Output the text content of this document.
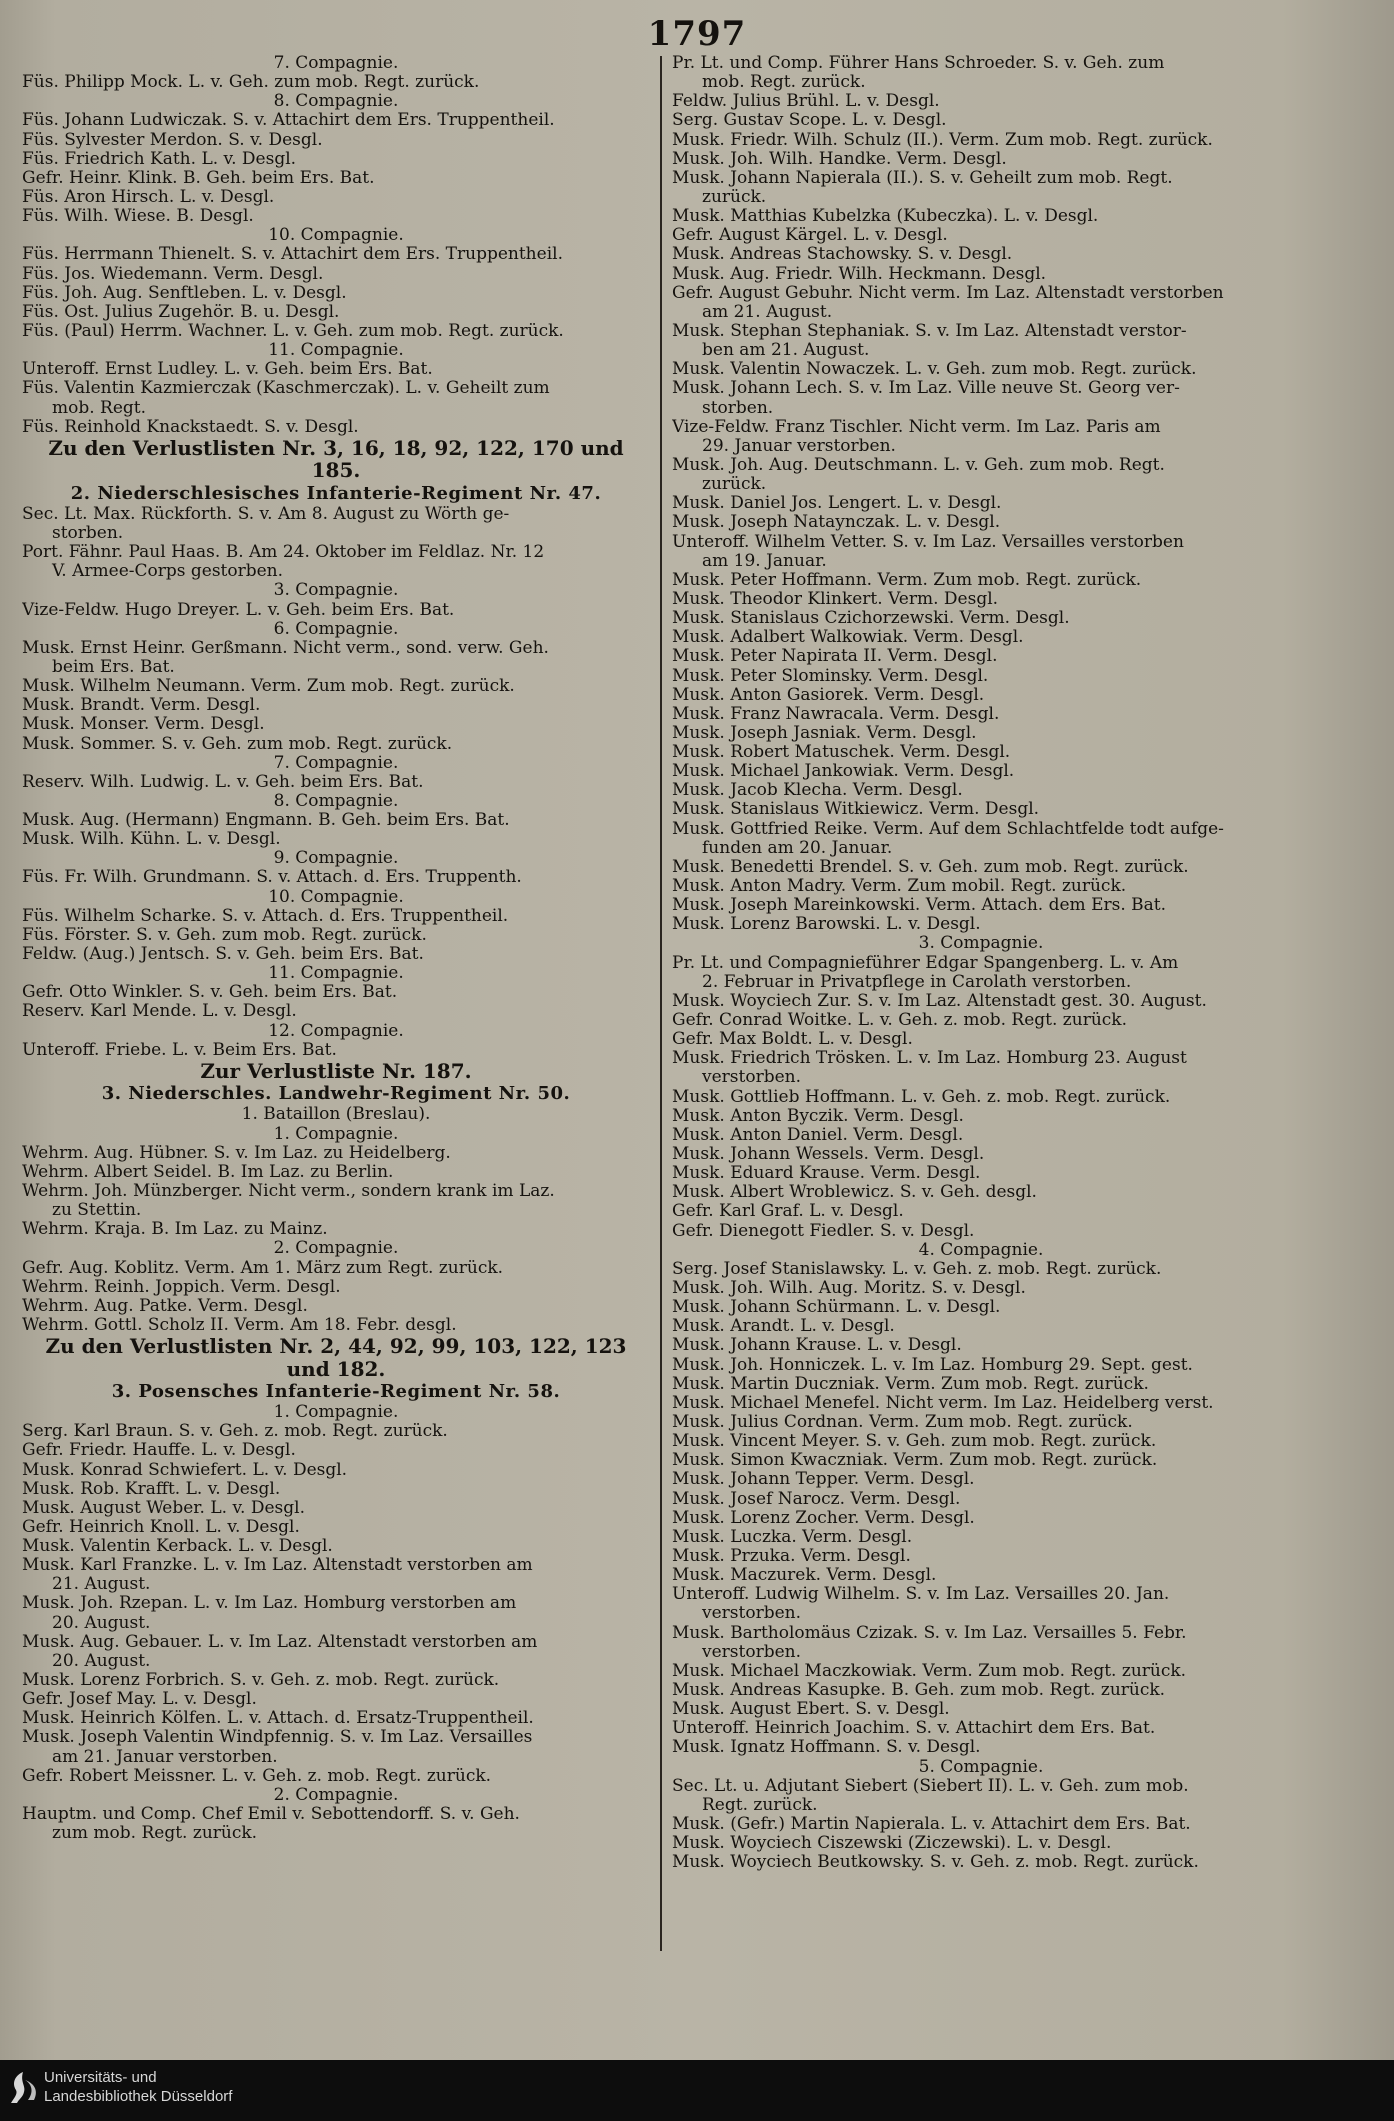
1797
7. Compagnie.
Füs. Philipp Mock. L. v. Geh. zum mob. Regt. zurück.
8. Compagnie.
Füs. Johann Ludwiczak. S. v. Attachirt dem Ers. Truppentheil.
Füs. Sylvester Merdon. S. v. Desgl.
Füs. Friedrich Kath. L. v. Desgl.
Gefr. Heinr. Klink. B. Geh. beim Ers. Bat.
Füs. Aron Hirsch. L. v. Desgl.
Füs. Wilh. Wiese. B. Desgl.
10. Compagnie.
Füs. Herrmann Thienelt. S. v. Attachirt dem Ers. Truppentheil.
Füs. Jos. Wiedemann. Verm. Desgl.
Füs. Joh. Aug. Senftleben. L. v. Desgl.
Füs. Ost. Julius Zugehör. B. u. Desgl.
Füs. (Paul) Herrm. Wachner. L. v. Geh. zum mob. Regt. zurück.
11. Compagnie.
Unteroff. Ernst Ludley. L. v. Geh. beim Ers. Bat.
Füs. Valentin Kazmierczak (Kaschmerczak). L. v. Geheilt zum
mob. Regt.
Füs. Reinhold Knackstaedt. S. v. Desgl.
Zu den Verlustlisten Nr. 3, 16, 18, 92, 122, 170 und 185.
2. Niederschlesisches Infanterie-Regiment Nr. 47.
Sec. Lt. Max. Rückforth. S. v. Am 8. August zu Wörth ge-
storben.
Port. Fähnr. Paul Haas. B. Am 24. Oktober im Feldlaz. Nr. 12
V. Armee-Corps gestorben.
3. Compagnie.
Vize-Feldw. Hugo Dreyer. L. v. Geh. beim Ers. Bat.
6. Compagnie.
Musk. Ernst Heinr. Gerßmann. Nicht verm., sond. verw. Geh.
beim Ers. Bat.
Musk. Wilhelm Neumann. Verm. Zum mob. Regt. zurück.
Musk. Brandt. Verm. Desgl.
Musk. Monser. Verm. Desgl.
Musk. Sommer. S. v. Geh. zum mob. Regt. zurück.
7. Compagnie.
Reserv. Wilh. Ludwig. L. v. Geh. beim Ers. Bat.
8. Compagnie.
Musk. Aug. (Hermann) Engmann. B. Geh. beim Ers. Bat.
Musk. Wilh. Kühn. L. v. Desgl.
9. Compagnie.
Füs. Fr. Wilh. Grundmann. S. v. Attach. d. Ers. Truppenth.
10. Compagnie.
Füs. Wilhelm Scharke. S. v. Attach. d. Ers. Truppentheil.
Füs. Förster. S. v. Geh. zum mob. Regt. zurück.
Feldw. (Aug.) Jentsch. S. v. Geh. beim Ers. Bat.
11. Compagnie.
Gefr. Otto Winkler. S. v. Geh. beim Ers. Bat.
Reserv. Karl Mende. L. v. Desgl.
12. Compagnie.
Unteroff. Friebe. L. v. Beim Ers. Bat.
Zur Verlustliste Nr. 187.
3. Niederschles. Landwehr-Regiment Nr. 50.
1. Bataillon (Breslau).
1. Compagnie.
Wehrm. Aug. Hübner. S. v. Im Laz. zu Heidelberg.
Wehrm. Albert Seidel. B. Im Laz. zu Berlin.
Wehrm. Joh. Münzberger. Nicht verm., sondern krank im Laz.
zu Stettin.
Wehrm. Kraja. B. Im Laz. zu Mainz.
2. Compagnie.
Gefr. Aug. Koblitz. Verm. Am 1. März zum Regt. zurück.
Wehrm. Reinh. Joppich. Verm. Desgl.
Wehrm. Aug. Patke. Verm. Desgl.
Wehrm. Gottl. Scholz II. Verm. Am 18. Febr. desgl.
Zu den Verlustlisten Nr. 2, 44, 92, 99, 103, 122, 123 und 182.
3. Posensches Infanterie-Regiment Nr. 58.
1. Compagnie.
Serg. Karl Braun. S. v. Geh. z. mob. Regt. zurück.
Gefr. Friedr. Hauffe. L. v. Desgl.
Musk. Konrad Schwiefert. L. v. Desgl.
Musk. Rob. Krafft. L. v. Desgl.
Musk. August Weber. L. v. Desgl.
Gefr. Heinrich Knoll. L. v. Desgl.
Musk. Valentin Kerback. L. v. Desgl.
Musk. Karl Franzke. L. v. Im Laz. Altenstadt verstorben am
21. August.
Musk. Joh. Rzepan. L. v. Im Laz. Homburg verstorben am
20. August.
Musk. Aug. Gebauer. L. v. Im Laz. Altenstadt verstorben am
20. August.
Musk. Lorenz Forbrich. S. v. Geh. z. mob. Regt. zurück.
Gefr. Josef May. L. v. Desgl.
Musk. Heinrich Kölfen. L. v. Attach. d. Ersatz-Truppentheil.
Musk. Joseph Valentin Windpfennig. S. v. Im Laz. Versailles
am 21. Januar verstorben.
Gefr. Robert Meissner. L. v. Geh. z. mob. Regt. zurück.
2. Compagnie.
Hauptm. und Comp. Chef Emil v. Sebottendorff. S. v. Geh.
zum mob. Regt. zurück.
Pr. Lt. und Comp. Führer Hans Schroeder. S. v. Geh. zum
mob. Regt. zurück.
Feldw. Julius Brühl. L. v. Desgl.
Serg. Gustav Scope. L. v. Desgl.
Musk. Friedr. Wilh. Schulz (II.). Verm. Zum mob. Regt. zurück.
Musk. Joh. Wilh. Handke. Verm. Desgl.
Musk. Johann Napierala (II.). S. v. Geheilt zum mob. Regt.
zurück.
Musk. Matthias Kubelzka (Kubeczka). L. v. Desgl.
Gefr. August Kärgel. L. v. Desgl.
Musk. Andreas Stachowsky. S. v. Desgl.
Musk. Aug. Friedr. Wilh. Heckmann. Desgl.
Gefr. August Gebuhr. Nicht verm. Im Laz. Altenstadt verstorben
am 21. August.
Musk. Stephan Stephaniak. S. v. Im Laz. Altenstadt verstor-
ben am 21. August.
Musk. Valentin Nowaczek. L. v. Geh. zum mob. Regt. zurück.
Musk. Johann Lech. S. v. Im Laz. Ville neuve St. Georg ver-
storben.
Vize-Feldw. Franz Tischler. Nicht verm. Im Laz. Paris am
29. Januar verstorben.
Musk. Joh. Aug. Deutschmann. L. v. Geh. zum mob. Regt.
zurück.
Musk. Daniel Jos. Lengert. L. v. Desgl.
Musk. Joseph Nataynczak. L. v. Desgl.
Unteroff. Wilhelm Vetter. S. v. Im Laz. Versailles verstorben
am 19. Januar.
Musk. Peter Hoffmann. Verm. Zum mob. Regt. zurück.
Musk. Theodor Klinkert. Verm. Desgl.
Musk. Stanislaus Czichorzewski. Verm. Desgl.
Musk. Adalbert Walkowiak. Verm. Desgl.
Musk. Peter Napirata II. Verm. Desgl.
Musk. Peter Slominsky. Verm. Desgl.
Musk. Anton Gasiorek. Verm. Desgl.
Musk. Franz Nawracala. Verm. Desgl.
Musk. Joseph Jasniak. Verm. Desgl.
Musk. Robert Matuschek. Verm. Desgl.
Musk. Michael Jankowiak. Verm. Desgl.
Musk. Jacob Klecha. Verm. Desgl.
Musk. Stanislaus Witkiewicz. Verm. Desgl.
Musk. Gottfried Reike. Verm. Auf dem Schlachtfelde todt aufge-
funden am 20. Januar.
Musk. Benedetti Brendel. S. v. Geh. zum mob. Regt. zurück.
Musk. Anton Madry. Verm. Zum mobil. Regt. zurück.
Musk. Joseph Mareinkowski. Verm. Attach. dem Ers. Bat.
Musk. Lorenz Barowski. L. v. Desgl.
3. Compagnie.
Pr. Lt. und Compagnieführer Edgar Spangenberg. L. v. Am
2. Februar in Privatpflege in Carolath verstorben.
Musk. Woyciech Zur. S. v. Im Laz. Altenstadt gest. 30. August.
Gefr. Conrad Woitke. L. v. Geh. z. mob. Regt. zurück.
Gefr. Max Boldt. L. v. Desgl.
Musk. Friedrich Trösken. L. v. Im Laz. Homburg 23. August
verstorben.
Musk. Gottlieb Hoffmann. L. v. Geh. z. mob. Regt. zurück.
Musk. Anton Byczik. Verm. Desgl.
Musk. Anton Daniel. Verm. Desgl.
Musk. Johann Wessels. Verm. Desgl.
Musk. Eduard Krause. Verm. Desgl.
Musk. Albert Wroblewicz. S. v. Geh. desgl.
Gefr. Karl Graf. L. v. Desgl.
Gefr. Dienegott Fiedler. S. v. Desgl.
4. Compagnie.
Serg. Josef Stanislawsky. L. v. Geh. z. mob. Regt. zurück.
Musk. Joh. Wilh. Aug. Moritz. S. v. Desgl.
Musk. Johann Schürmann. L. v. Desgl.
Musk. Arandt. L. v. Desgl.
Musk. Johann Krause. L. v. Desgl.
Musk. Joh. Honniczek. L. v. Im Laz. Homburg 29. Sept. gest.
Musk. Martin Duczniak. Verm. Zum mob. Regt. zurück.
Musk. Michael Menefel. Nicht verm. Im Laz. Heidelberg verst.
Musk. Julius Cordnan. Verm. Zum mob. Regt. zurück.
Musk. Vincent Meyer. S. v. Geh. zum mob. Regt. zurück.
Musk. Simon Kwaczniak. Verm. Zum mob. Regt. zurück.
Musk. Johann Tepper. Verm. Desgl.
Musk. Josef Narocz. Verm. Desgl.
Musk. Lorenz Zocher. Verm. Desgl.
Musk. Luczka. Verm. Desgl.
Musk. Przuka. Verm. Desgl.
Musk. Maczurek. Verm. Desgl.
Unteroff. Ludwig Wilhelm. S. v. Im Laz. Versailles 20. Jan.
verstorben.
Musk. Bartholomäus Czizak. S. v. Im Laz. Versailles 5. Febr.
verstorben.
Musk. Michael Maczkowiak. Verm. Zum mob. Regt. zurück.
Musk. Andreas Kasupke. B. Geh. zum mob. Regt. zurück.
Musk. August Ebert. S. v. Desgl.
Unteroff. Heinrich Joachim. S. v. Attachirt dem Ers. Bat.
Musk. Ignatz Hoffmann. S. v. Desgl.
5. Compagnie.
Sec. Lt. u. Adjutant Siebert (Siebert II). L. v. Geh. zum mob.
Regt. zurück.
Musk. (Gefr.) Martin Napierala. L. v. Attachirt dem Ers. Bat.
Musk. Woyciech Ciszewski (Ziczewski). L. v. Desgl.
Musk. Woyciech Beutkowsky. S. v. Geh. z. mob. Regt. zurück.
Universitäts- und
Landesbibliothek Düsseldorf
